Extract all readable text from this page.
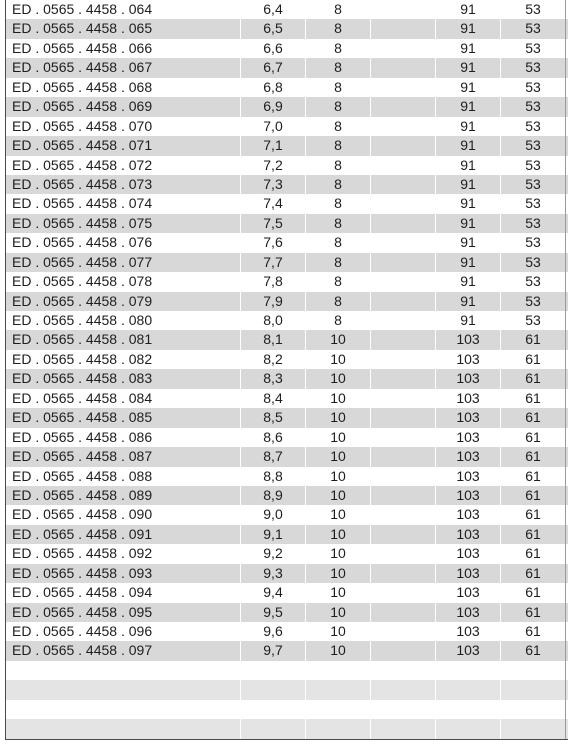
ED . 0565 . 4458 . 064	6,4	8	91	53
ED . 0565 . 4458 . 065	6,5	8	91	53
ED . 0565 . 4458 . 066	6,6	8	91	53
ED . 0565 . 4458 . 067	6,7	8	91	53
ED . 0565 . 4458 . 068	6,8	8	91	53
ED . 0565 . 4458 . 069	6,9	8	91	53
ED . 0565 . 4458 . 070	7,0	8	91	53
ED . 0565 . 4458 . 071	7,1	8	91	53
ED . 0565 . 4458 . 072	7,2	8	91	53
ED . 0565 . 4458 . 073	7,3	8	91	53
ED . 0565 . 4458 . 074	7,4	8	91	53
ED . 0565 . 4458 . 075	7,5	8	91	53
ED . 0565 . 4458 . 076	7,6	8	91	53
ED . 0565 . 4458 . 077	7,7	8	91	53
ED . 0565 . 4458 . 078	7,8	8	91	53
ED . 0565 . 4458 . 079	7,9	8	91	53
ED . 0565 . 4458 . 080	8,0	8	91	53
ED . 0565 . 4458 . 081	8,1	10	103	61
ED . 0565 . 4458 . 082	8,2	10	103	61
ED . 0565 . 4458 . 083	8,3	10	103	61
ED . 0565 . 4458 . 084	8,4	10	103	61
ED . 0565 . 4458 . 085	8,5	10	103	61
ED . 0565 . 4458 . 086	8,6	10	103	61
ED . 0565 . 4458 . 087	8,7	10	103	61
ED . 0565 . 4458 . 088	8,8	10	103	61
ED . 0565 . 4458 . 089	8,9	10	103	61
ED . 0565 . 4458 . 090	9,0	10	103	61
ED . 0565 . 4458 . 091	9,1	10	103	61
ED . 0565 . 4458 . 092	9,2	10	103	61
ED . 0565 . 4458 . 093	9,3	10	103	61
ED . 0565 . 4458 . 094	9,4	10	103	61
ED . 0565 . 4458 . 095	9,5	10	103	61
ED . 0565 . 4458 . 096	9,6	10	103	61
ED . 0565 . 4458 . 097	9,7	10	103	61
